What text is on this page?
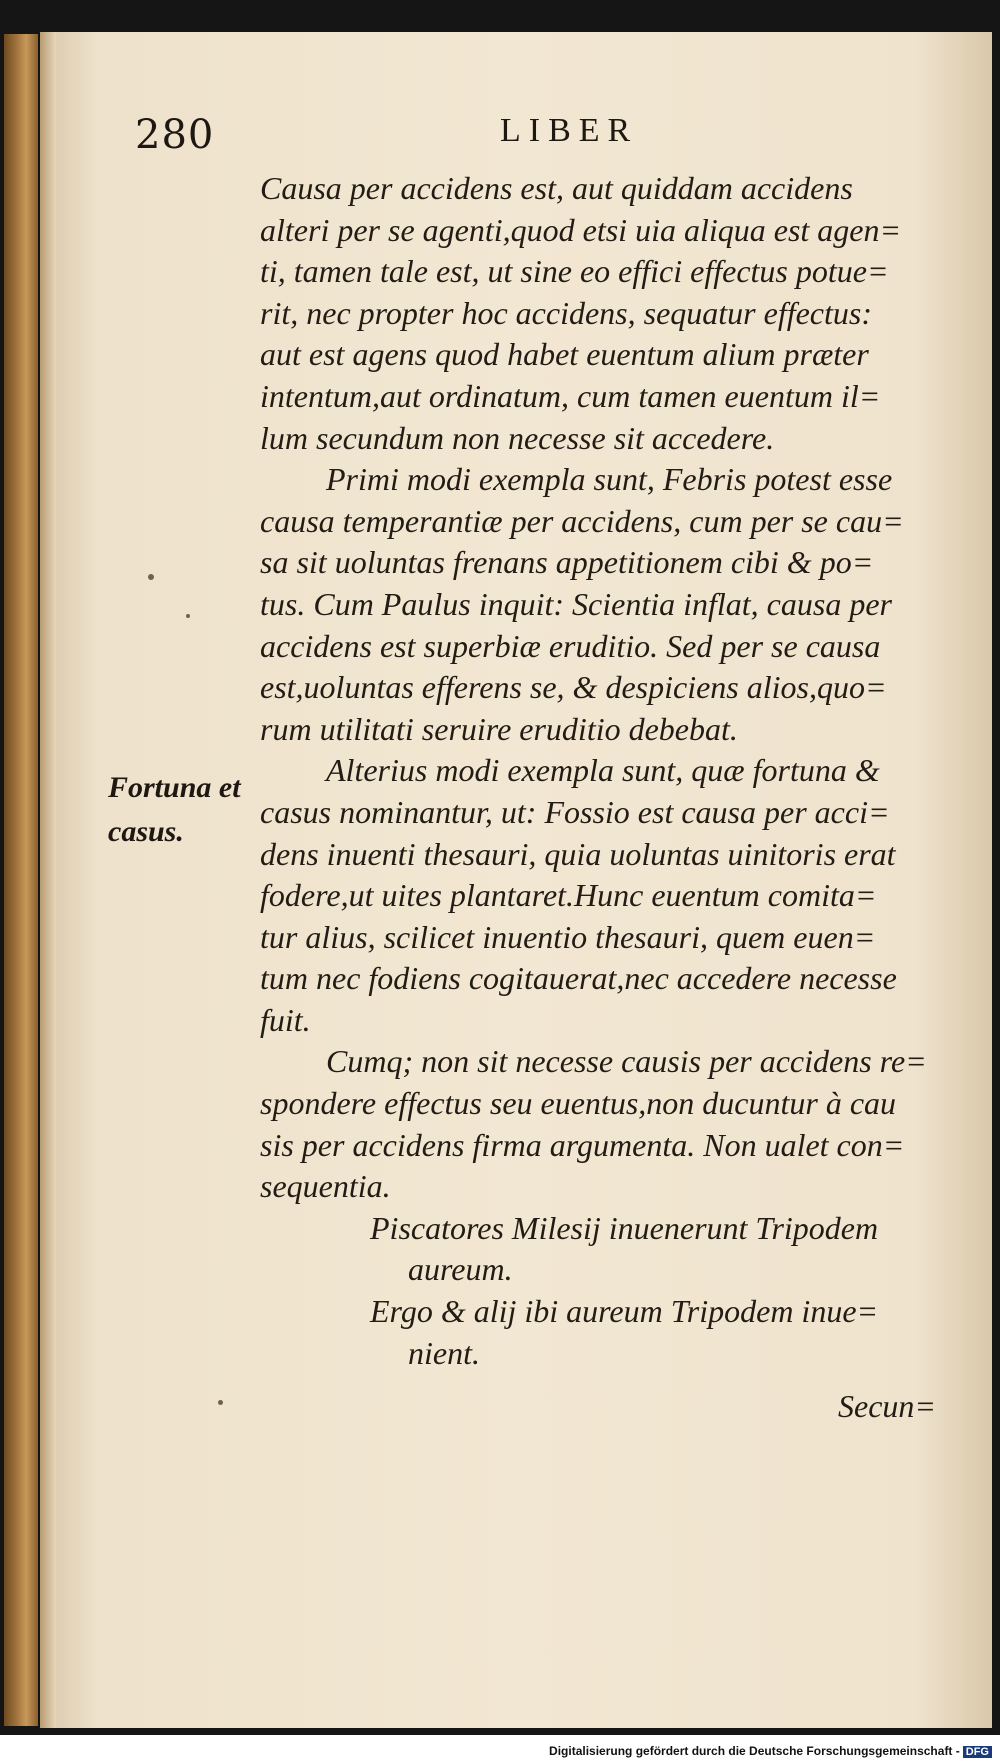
280	LIBER

Causa per accidens est, aut quiddam accidens

alteri per se agenti,quod etsi uia aliqua est agen=

ti, tamen tale est, ut sine eo effici effectus potue=

rit, nec propter hoc accidens, sequatur effectus:

aut est agens quod habet euentum alium præter

intentum,aut ordinatum, cum tamen euentum il=

lum secundum non necesse sit accedere.

Primi modi exempla sunt, Febris potest esse

causa temperantiæ per accidens, cum per se cau=

sa sit uoluntas frenans appetitionem cibi & po=

tus. Cum Paulus inquit: Scientia inflat, causa per

accidens est superbiæ eruditio. Sed per se causa

est,uoluntas efferens se, & despiciens alios,quo=

rum utilitati seruire eruditio debebat.

Alterius modi exempla sunt, quæ fortuna &

casus nominantur, ut: Fossio est causa per acci=

dens inuenti thesauri, quia uoluntas uinitoris erat

fodere,ut uites plantaret.Hunc euentum comita=

tur alius, scilicet inuentio thesauri, quem euen=

tum nec fodiens cogitauerat,nec accedere necesse

fuit.

Cumq; non sit necesse causis per accidens re=

spondere effectus seu euentus,non ducuntur à cau

sis per accidens firma argumenta. Non ualet con=

sequentia.

Piscatores Milesij inuenerunt Tripodem

aureum.

Ergo & alij ibi aureum Tripodem inue=

nient.

Fortuna et

casus.

Secun=
Digitalisierung gefördert durch die Deutsche Forschungsgemeinschaft - DFG
